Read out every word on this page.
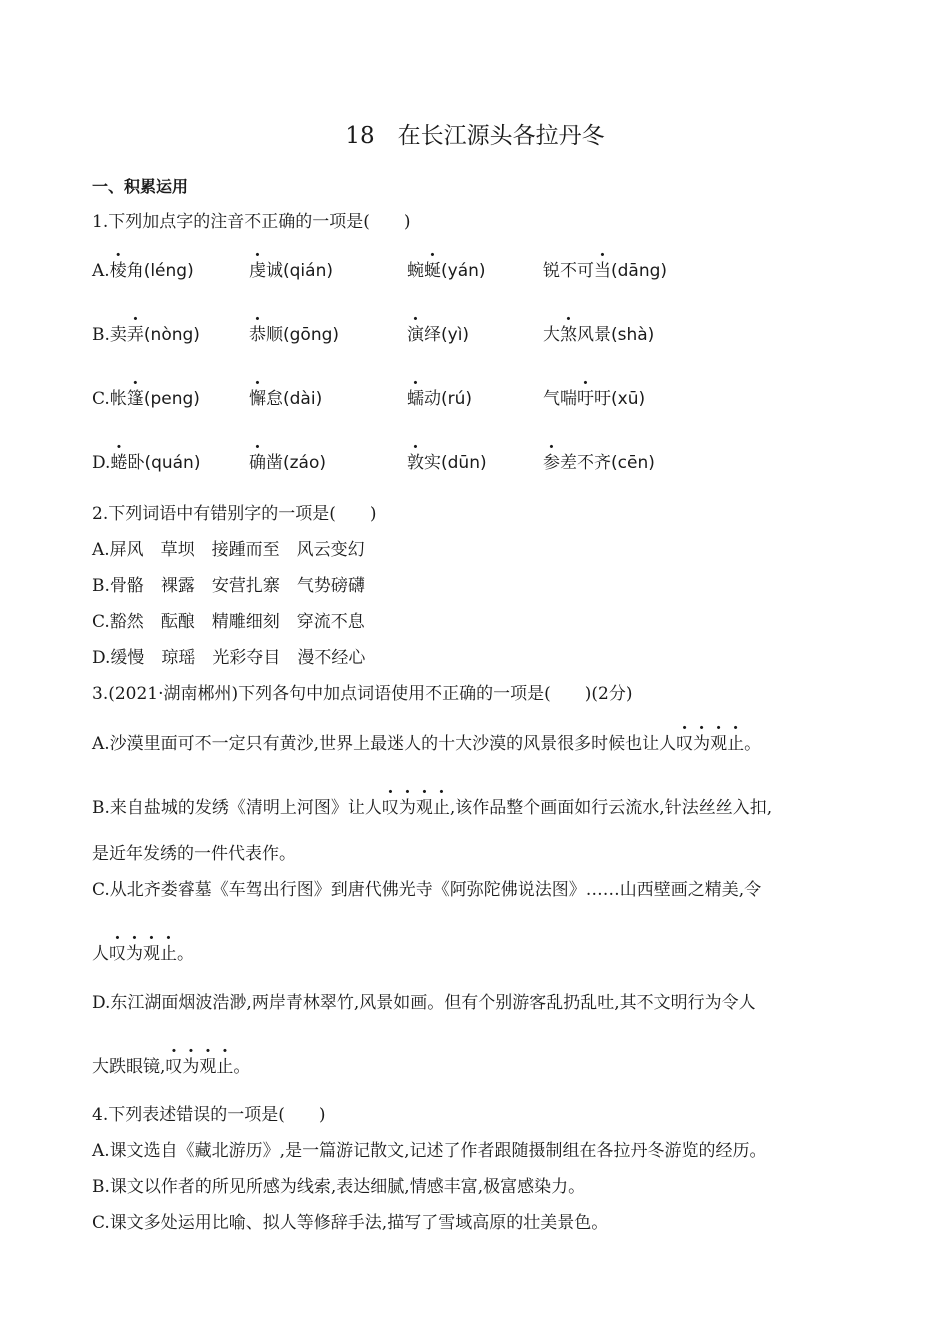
18　在长江源头各拉丹冬
一、积累运用
1.下列加点字的注音不正确的一项是(　　)
A.棱角(léng)	虔诚(qián)	蜿蜒(yán)	锐不可当(dāng)
B.卖弄(nòng)	恭顺(gōng)	演绎(yì)	大煞风景(shà)
C.帐篷(peng)	懈怠(dài)	蠕动(rú)	气喘吁吁(xū)
D.蜷卧(quán)	确凿(záo)	敦实(dūn)	参差不齐(cēn)
2.下列词语中有错别字的一项是(　　)
A.屏风　草坝　接踵而至　风云变幻
B.骨骼　裸露　安营扎寨　气势磅礴
C.豁然　酝酿　精雕细刻　穿流不息
D.缓慢　琼瑶　光彩夺目　漫不经心
3.(2021·湖南郴州)下列各句中加点词语使用不正确的一项是(　　)(2分)
A.沙漠里面可不一定只有黄沙,世界上最迷人的十大沙漠的风景很多时候也让人叹为观止。
B.来自盐城的发绣《清明上河图》让人叹为观止,该作品整个画面如行云流水,针法丝丝入扣,
是近年发绣的一件代表作。
C.从北齐娄睿墓《车驾出行图》到唐代佛光寺《阿弥陀佛说法图》……山西壁画之精美,令
人叹为观止。
D.东江湖面烟波浩渺,两岸青林翠竹,风景如画。但有个别游客乱扔乱吐,其不文明行为令人
大跌眼镜,叹为观止。
4.下列表述错误的一项是(　　)
A.课文选自《藏北游历》,是一篇游记散文,记述了作者跟随摄制组在各拉丹冬游览的经历。
B.课文以作者的所见所感为线索,表达细腻,情感丰富,极富感染力。
C.课文多处运用比喻、拟人等修辞手法,描写了雪域高原的壮美景色。
